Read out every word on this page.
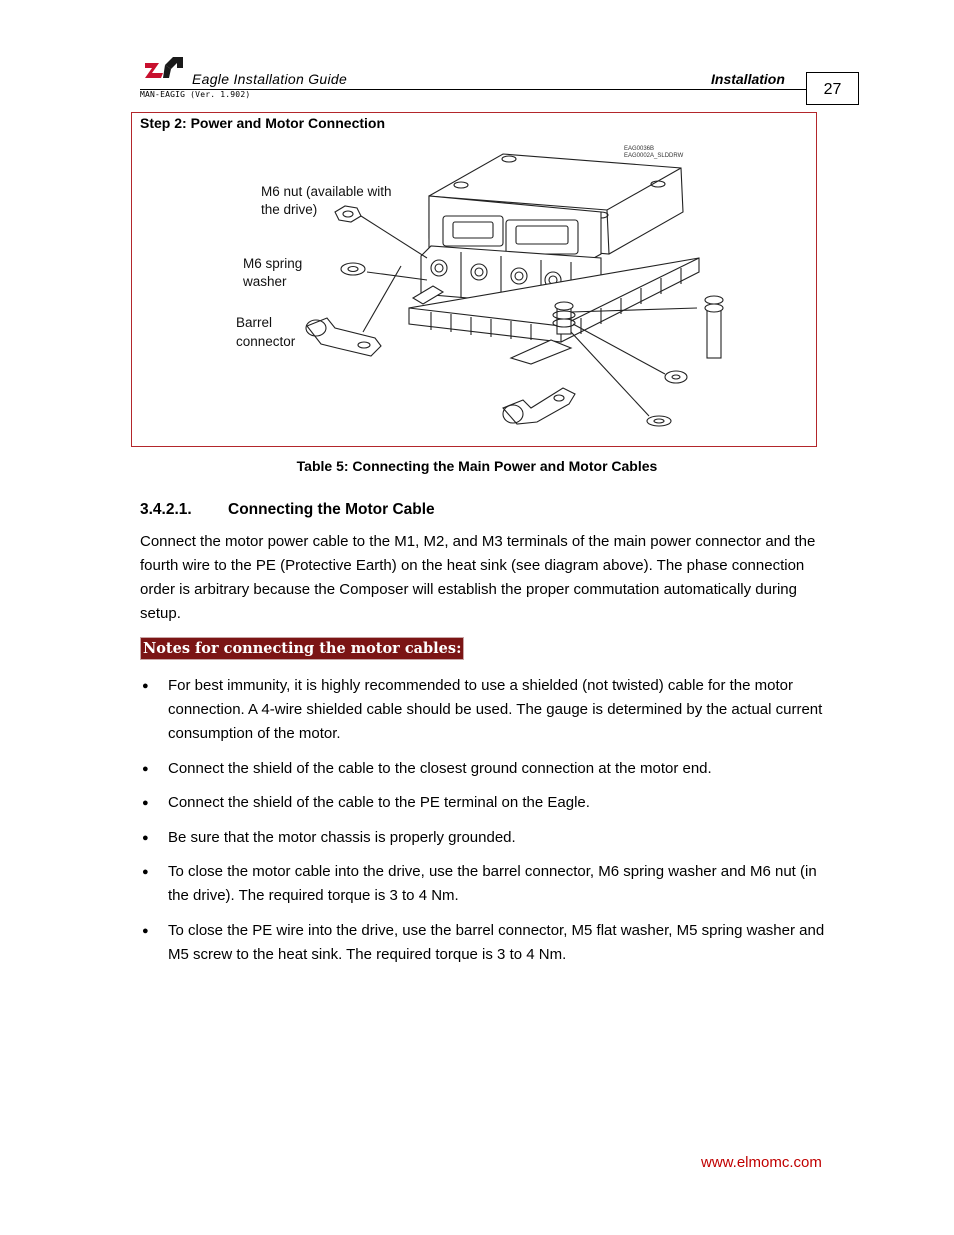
Eagle Installation Guide	Installation
MAN-EAGIG (Ver. 1.902)	27
Step 2: Power and Motor Connection
EAG0036B
EAG0002A_SLDDRW
M6 nut (available with
the drive)
M6 spring
washer
Barrel
connector
Table 5: Connecting the Main Power and Motor Cables
3.4.2.1. Connecting the Motor Cable
Connect the motor power cable to the M1, M2, and M3 terminals of the main power connector and the fourth wire to the PE (Protective Earth) on the heat sink (see diagram above). The phase connection order is arbitrary because the Composer will establish the proper commutation automatically during setup.
Notes for connecting the motor cables:
● For best immunity, it is highly recommended to use a shielded (not twisted) cable for the motor connection. A 4-wire shielded cable should be used. The gauge is determined by the actual current consumption of the motor.
● Connect the shield of the cable to the closest ground connection at the motor end.
● Connect the shield of the cable to the PE terminal on the Eagle.
● Be sure that the motor chassis is properly grounded.
● To close the motor cable into the drive, use the barrel connector, M6 spring washer and M6 nut (in the drive). The required torque is 3 to 4 Nm.
● To close the PE wire into the drive, use the barrel connector, M5 flat washer, M5 spring washer and M5 screw to the heat sink. The required torque is 3 to 4 Nm.
www.elmomc.com
